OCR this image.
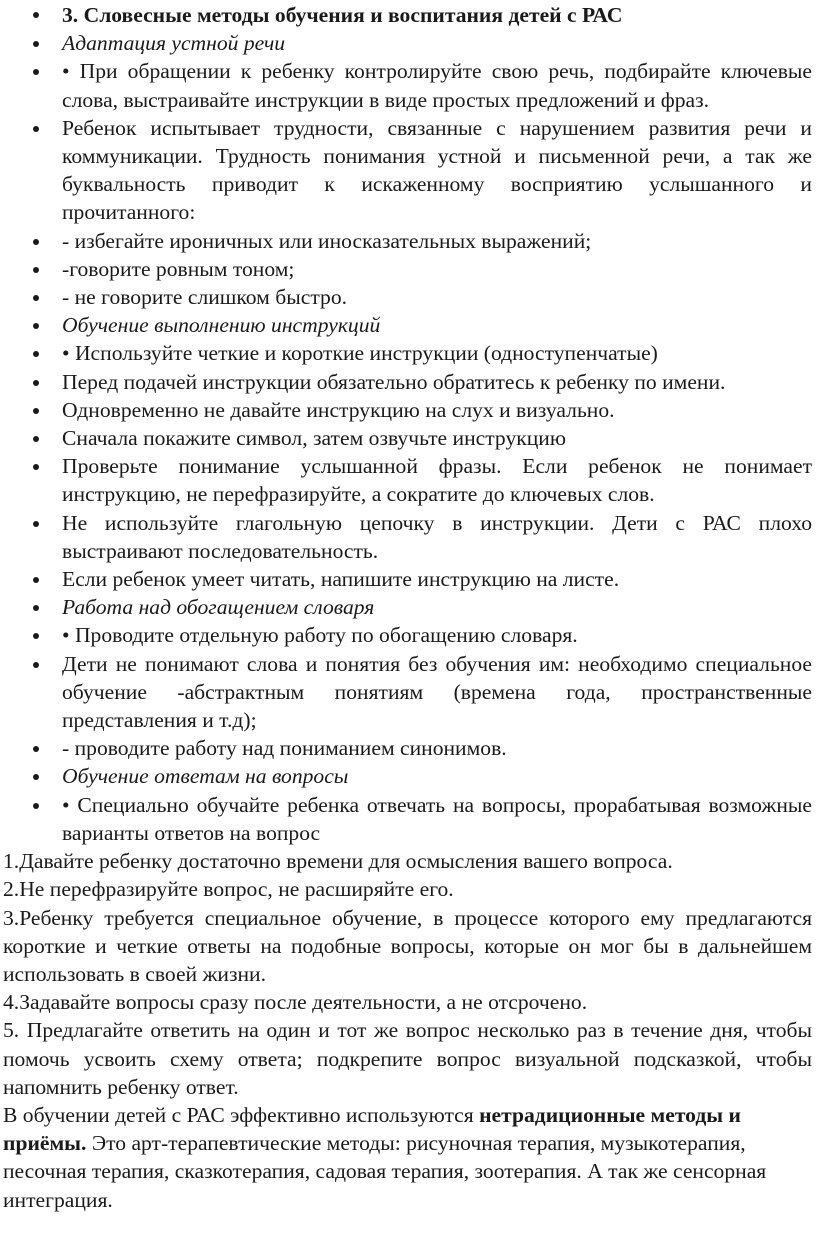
3. Словесные методы обучения и воспитания детей с РАС
Адаптация устной речи
• При обращении к ребенку контролируйте свою речь, подбирайте ключевые слова, выстраивайте инструкции в виде простых предложений и фраз.
Ребенок испытывает трудности, связанные с нарушением развития речи и коммуникации. Трудность понимания устной и письменной речи, а так же буквальность приводит к искаженному восприятию услышанного и прочитанного:
- избегайте ироничных или иносказательных выражений;
-говорите ровным тоном;
- не говорите слишком быстро.
Обучение выполнению инструкций
• Используйте четкие и короткие инструкции (одноступенчатые)
Перед подачей инструкции обязательно обратитесь к ребенку по имени.
Одновременно не давайте инструкцию на слух и визуально.
Сначала покажите символ, затем озвучьте инструкцию
Проверьте понимание услышанной фразы. Если ребенок не понимает инструкцию, не перефразируйте, а сократите до ключевых слов.
Не используйте глагольную цепочку в инструкции. Дети с РАС плохо выстраивают последовательность.
Если ребенок умеет читать, напишите инструкцию на листе.
Работа над обогащением словаря
• Проводите отдельную работу по обогащению словаря.
Дети не понимают слова и понятия без обучения им: необходимо специальное обучение -абстрактным понятиям (времена года, пространственные представления и т.д);
- проводите работу над пониманием синонимов.
Обучение ответам на вопросы
• Специально обучайте ребенка отвечать на вопросы, прорабатывая возможные варианты ответов на вопрос

1.Давайте ребенку достаточно времени для осмысления вашего вопроса.

2.Не перефразируйте вопрос, не расширяйте его.

3.Ребенку требуется специальное обучение, в процессе которого ему предлагаются короткие и четкие ответы на подобные вопросы, которые он мог бы в дальнейшем использовать в своей жизни.

4.Задавайте вопросы сразу после деятельности, а не отсрочено.

5. Предлагайте ответить на один и тот же вопрос несколько раз в течение дня, чтобы помочь усвоить схему ответа; подкрепите вопрос визуальной подсказкой, чтобы напомнить ребенку ответ.

В обучении детей с РАС эффективно используются нетрадиционные методы и приёмы. Это арт-терапевтические методы: рисуночная терапия, музыкотерапия, песочная терапия, сказкотерапия, садовая терапия, зоотерапия. А так же сенсорная интеграция.
